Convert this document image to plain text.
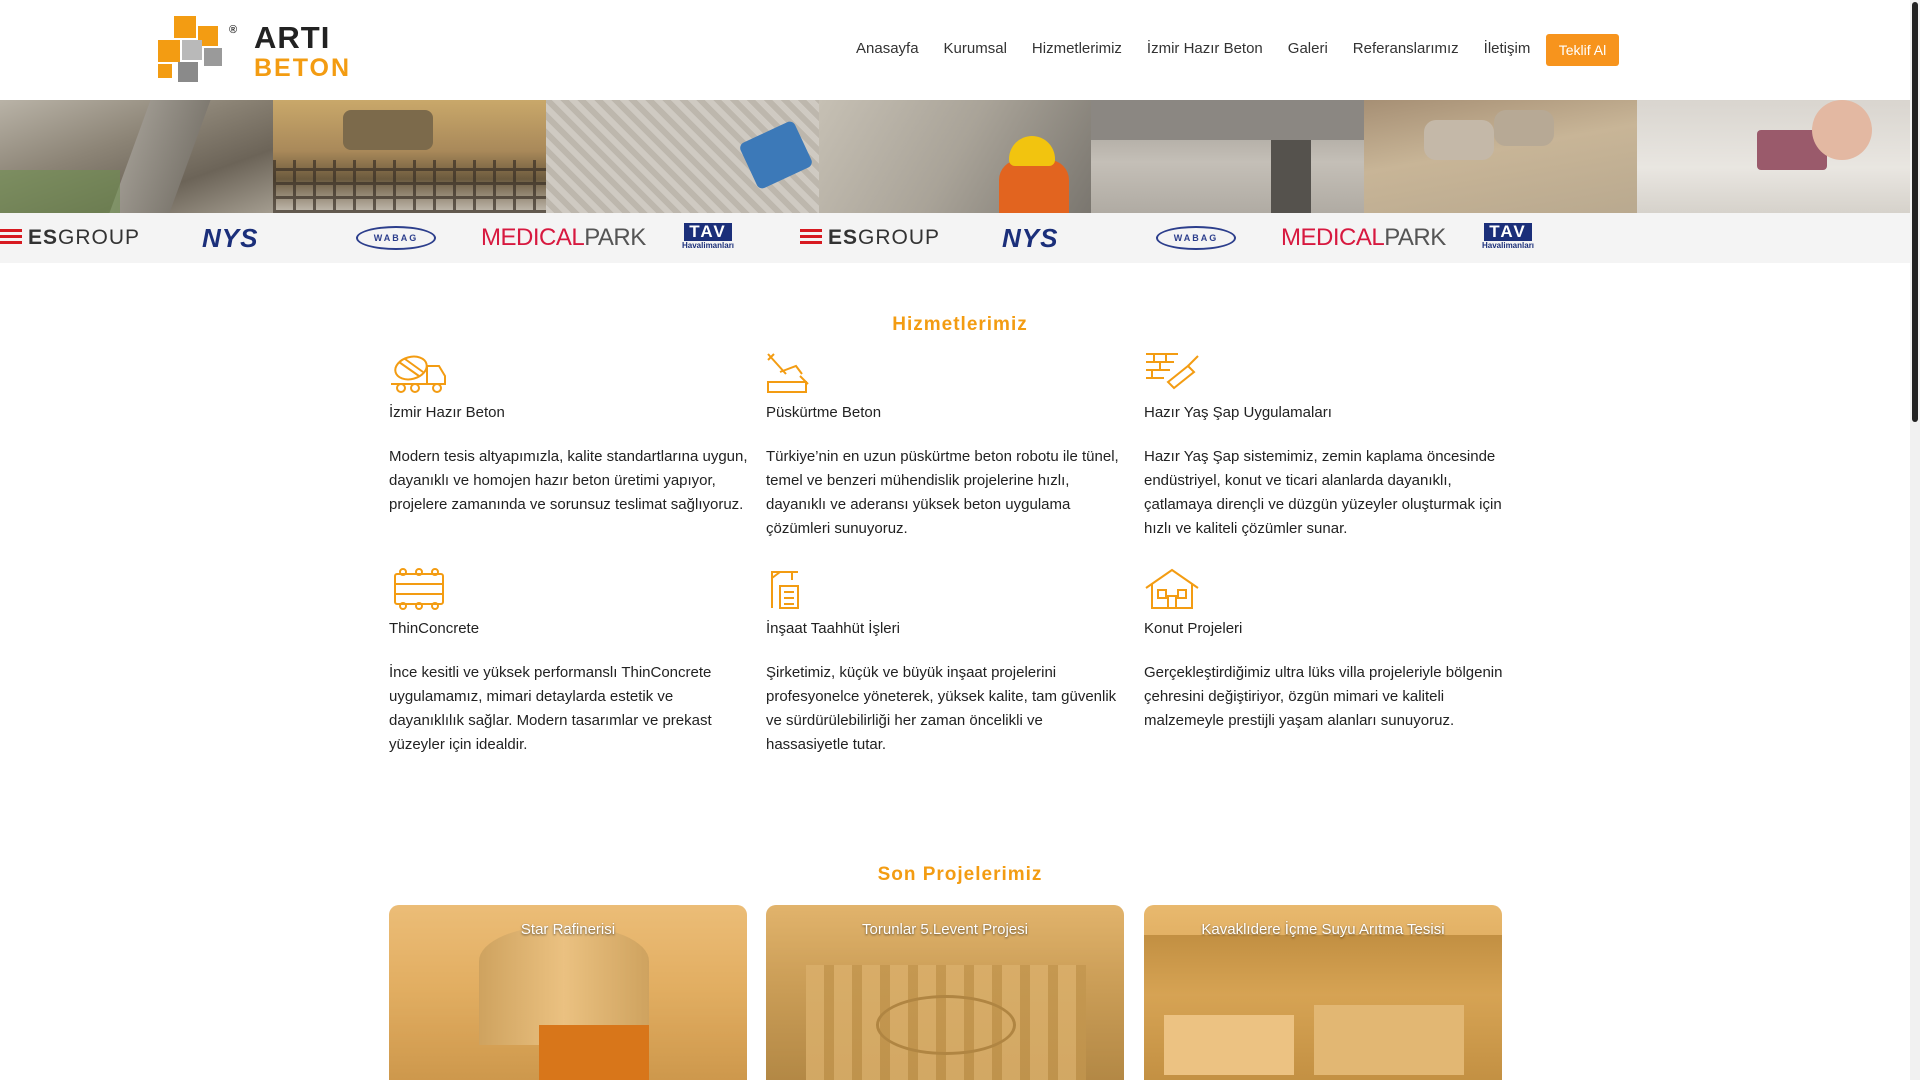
® ARTI
BETON
Anasayfa Kurumsal Hizmetlerimiz İzmir Hazır Beton Galeri Referanslarımız İletişim	Teklif Al
ESGROUP NYS	WABAG	MEDICAL PARK	TAV
Havalimanları	ESGROUP NYS	WABAG	MEDICAL PARK	TAV
Havalimanları
Hizmetlerimiz
İzmir Hazır Beton

Modern tesis altyapımızla, kalite standartlarına uygun, dayanıklı ve homojen hazır beton üretimi yapıyor, projelere zamanında ve sorunsuz teslimat sağlıyoruz.

Püskürtme Beton

Türkiye’nin en uzun püskürtme beton robotu ile tünel, temel ve benzeri mühendislik projelerine hızlı, dayanıklı ve aderansı yüksek beton uygulama çözümleri sunuyoruz.

Hazır Yaş Şap Uygulamaları

Hazır Yaş Şap sistemimiz, zemin kaplama öncesinde endüstriyel, konut ve ticari alanlarda dayanıklı, çatlamaya dirençli ve düzgün yüzeyler oluşturmak için hızlı ve kaliteli çözümler sunar.

ThinConcrete

İnce kesitli ve yüksek performanslı ThinConcrete uygulamamız, mimari detaylarda estetik ve dayanıklılık sağlar. Modern tasarımlar ve prekast yüzeyler için idealdir.

İnşaat Taahhüt İşleri

Şirketimiz, küçük ve büyük inşaat projelerini profesyonelce yöneterek, yüksek kalite, tam güvenlik ve sürdürülebilirliği her zaman öncelikli ve hassasiyetle tutar.

Konut Projeleri

Gerçekleştirdiğimiz ultra lüks villa projeleriyle bölgenin çehresini değiştiriyor, özgün mimari ve kaliteli malzemeyle prestijli yaşam alanları sunuyoruz.

Son Projelerimiz
Star Rafinerisi	Torunlar 5.Levent Projesi	Kavaklıdere İçme Suyu Arıtma Tesisi
